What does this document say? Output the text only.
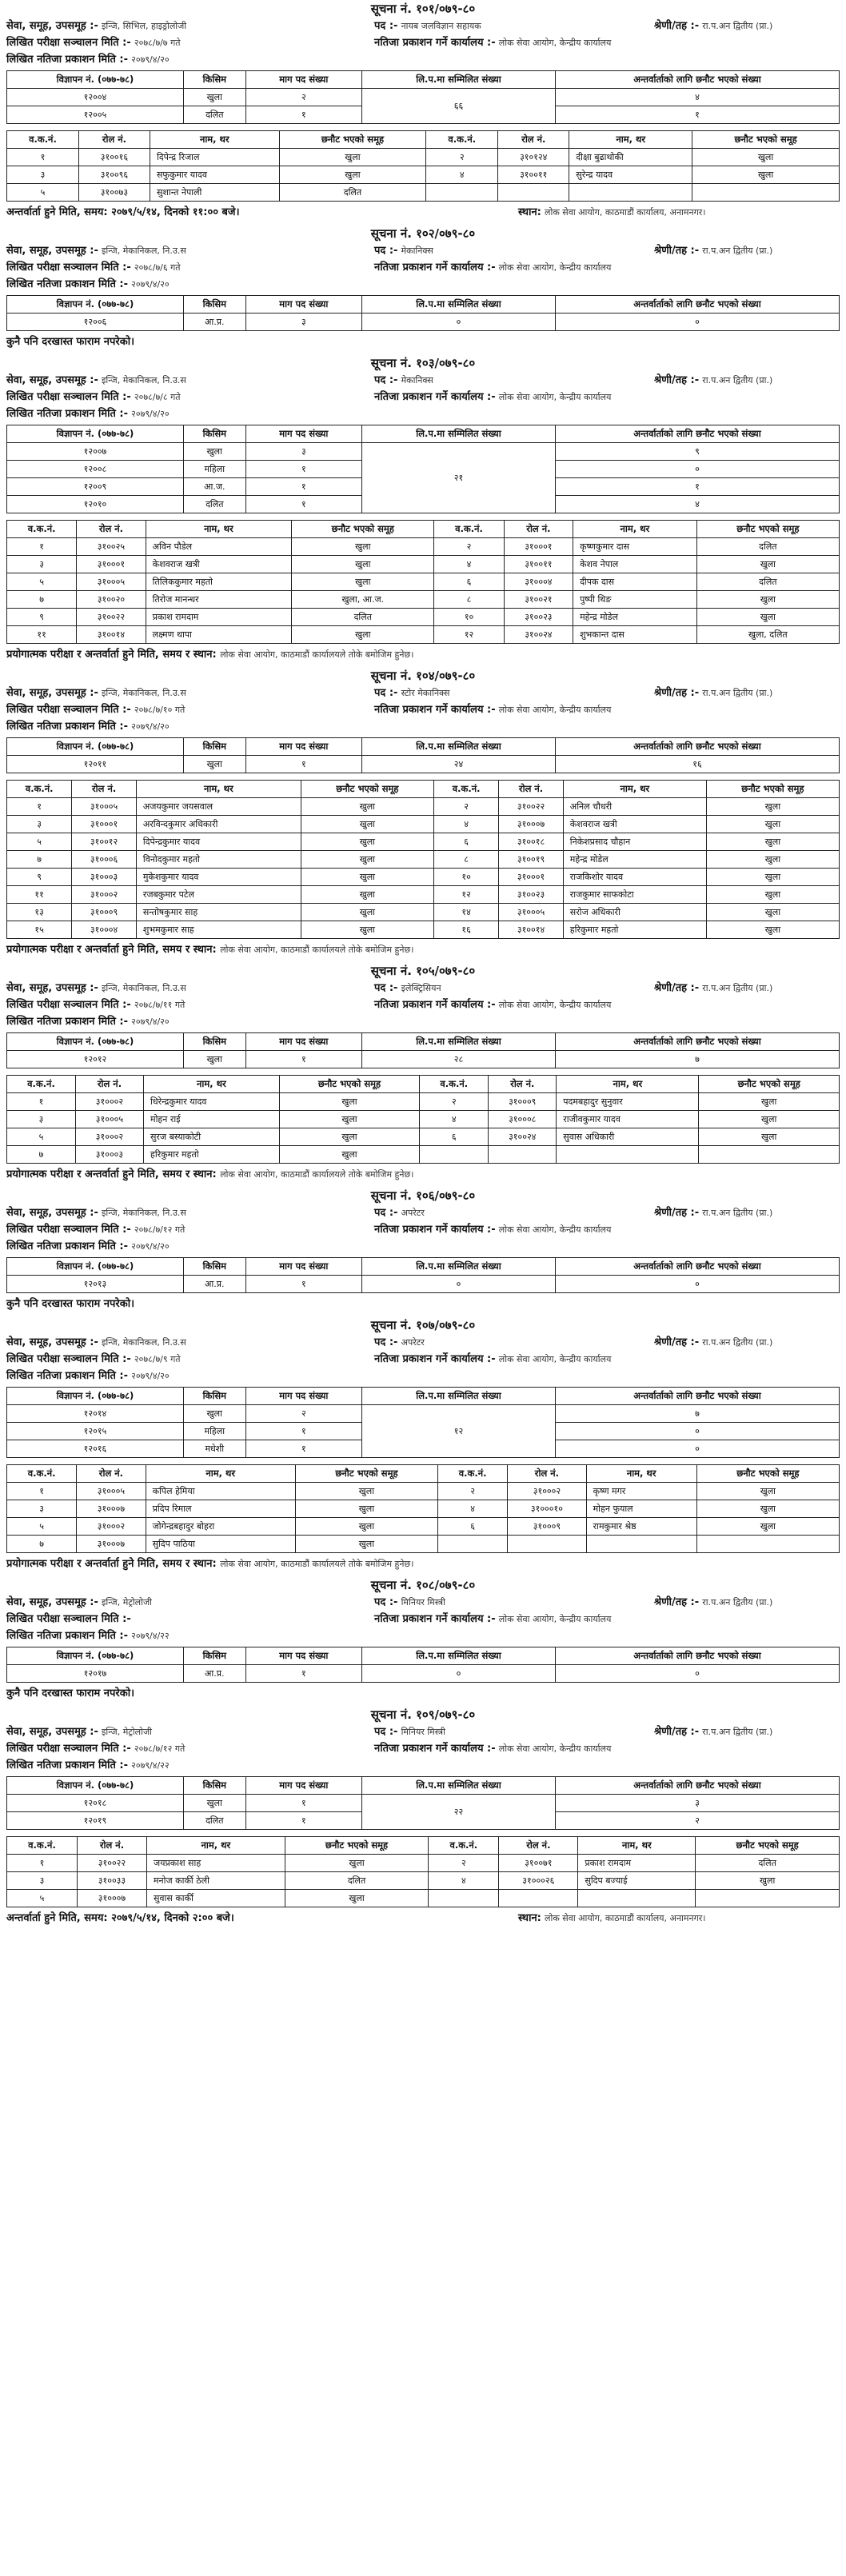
सूचना नं. १०१/०७९-८०
सेवा, समूह, उपसमूह :- इन्जि, सिभिल, हाइड्रोलोजी	पद :- नायब जलविज्ञान सहायक	श्रेणी/तह :- रा.प.अन द्वितीय (प्रा.)
लिखित परीक्षा सञ्चालन मिति :- २०७८/७/७ गते	नतिजा प्रकाशन गर्ने कार्यालय :- लोक सेवा आयोग, केन्द्रीय कार्यालय
लिखित नतिजा प्रकाशन मिति :- २०७९/४/२०
विज्ञापन नं. (०७७-७८)	किसिम	माग पद संख्या	लि.प.मा सम्मिलित संख्या	अन्तर्वार्ताको लागि छनौट भएको संख्या
१२००४	खुला	२	६६	४
१२००५	दलित	१		१
व.क.नं.	रोल नं.	नाम, थर	छनौट भएको समूह	व.क.नं.	रोल नं.	नाम, थर	छनौट भएको समूह
१	३१००१६	दिपेन्द्र रिजाल	खुला	२	३१०१२४	दीक्षा बुढाथोकी	खुला
३	३१००९६	सफुकुमार यादव	खुला	४	३१००११	सुरेन्द्र यादव	खुला
५	३१००७३	सुशान्त नेपाली	दलित				
अन्तर्वार्ता हुने मिति, समय: २०७९/५/१४, दिनको ११:०० बजे।	स्थान: लोक सेवा आयोग, काठमाडौं कार्यालय, अनामनगर।
सूचना नं. १०२/०७९-८०
सेवा, समूह, उपसमूह :- इन्जि, मेकानिकल, नि.उ.स	पद :- मेकानिक्स	श्रेणी/तह :- रा.प.अन द्वितीय (प्रा.)
लिखित परीक्षा सञ्चालन मिति :- २०७८/७/६ गते	नतिजा प्रकाशन गर्ने कार्यालय :- लोक सेवा आयोग, केन्द्रीय कार्यालय
लिखित नतिजा प्रकाशन मिति :- २०७९/४/२०
विज्ञापन नं. (०७७-७८)	किसिम	माग पद संख्या	लि.प.मा सम्मिलित संख्या	अन्तर्वार्ताको लागि छनौट भएको संख्या
१२००६	आ.प्र.	३	०	०
कुनै पनि दरखास्त फाराम नपरेको।
सूचना नं. १०३/०७९-८०
सेवा, समूह, उपसमूह :- इन्जि, मेकानिकल, नि.उ.स	पद :- मेकानिक्स	श्रेणी/तह :- रा.प.अन द्वितीय (प्रा.)
लिखित परीक्षा सञ्चालन मिति :- २०७८/७/८ गते	नतिजा प्रकाशन गर्ने कार्यालय :- लोक सेवा आयोग, केन्द्रीय कार्यालय
लिखित नतिजा प्रकाशन मिति :- २०७९/४/२०
विज्ञापन नं. (०७७-७८)	किसिम	माग पद संख्या	लि.प.मा सम्मिलित संख्या	अन्तर्वार्ताको लागि छनौट भएको संख्या
१२००७	खुला	३	२१	९
१२००८	महिला	१		०
१२००९	आ.ज.	१		१
१२०१०	दलित	१		४
व.क.नं.	रोल नं.	नाम, थर	छनौट भएको समूह	व.क.नं.	रोल नं.	नाम, थर	छनौट भएको समूह
१	३१००२५	अविन पौडेल	खुला	२	३१०००१	कृष्णकुमार दास	दलित
३	३१०००१	केशवराज खत्री	खुला	४	३१००११	केशव नेपाल	खुला
५	३१०००५	तिलिककुमार महतो	खुला	६	३१०००४	दीपक दास	दलित
७	३१००२०	तिरोज मानन्धर	खुला, आ.ज.	८	३१००२१	पुष्पी थिङ	खुला
९	३१००२२	प्रकाश रामदाम	दलित	१०	३१००२३	महेन्द्र मोडेल	खुला
११	३१००१४	लक्ष्मण थापा	खुला	१२	३१००२४	शुभकान्त दास	खुला, दलित
प्रयोगात्मक परीक्षा र अन्तर्वार्ता हुने मिति, समय र स्थान: लोक सेवा आयोग, काठमाडौं कार्यालयले तोके बमोजिम हुनेछ।
सूचना नं. १०४/०७९-८०
सेवा, समूह, उपसमूह :- इन्जि, मेकानिकल, नि.उ.स	पद :- स्टोर मेकानिक्स	श्रेणी/तह :- रा.प.अन द्वितीय (प्रा.)
लिखित परीक्षा सञ्चालन मिति :- २०७८/७/१० गते	नतिजा प्रकाशन गर्ने कार्यालय :- लोक सेवा आयोग, केन्द्रीय कार्यालय
लिखित नतिजा प्रकाशन मिति :- २०७९/४/२०
विज्ञापन नं. (०७७-७८)	किसिम	माग पद संख्या	लि.प.मा सम्मिलित संख्या	अन्तर्वार्ताको लागि छनौट भएको संख्या
१२०११	खुला	१	२४	१६
व.क.नं.	रोल नं.	नाम, थर	छनौट भएको समूह	व.क.नं.	रोल नं.	नाम, थर	छनौट भएको समूह
१	३१०००५	अजयकुमार जयसवाल	खुला	२	३१००२२	अनिल चौधरी	खुला
३	३१०००१	अरविन्दकुमार अधिकारी	खुला	४	३१०००७	केशवराज खत्री	खुला
५	३१००१२	दिपेन्द्रकुमार यादव	खुला	६	३१००१८	निकेशप्रसाद चौहान	खुला
७	३१०००६	विनोदकुमार महतो	खुला	८	३१००१९	महेन्द्र मोडेल	खुला
९	३१०००३	मुकेशकुमार यादव	खुला	१०	३१०००१	राजकिशोर यादव	खुला
११	३१०००२	रजबकुमार पटेल	खुला	१२	३१००२३	राजकुमार साफकोटा	खुला
१३	३१०००९	सन्तोषकुमार साह	खुला	१४	३१०००५	सरोज अधिकारी	खुला
१५	३१०००४	शुभमकुमार साह	खुला	१६	३१००१४	हरिकुमार महतो	खुला
प्रयोगात्मक परीक्षा र अन्तर्वार्ता हुने मिति, समय र स्थान: लोक सेवा आयोग, काठमाडौं कार्यालयले तोके बमोजिम हुनेछ।
सूचना नं. १०५/०७९-८०
सेवा, समूह, उपसमूह :- इन्जि, मेकानिकल, नि.उ.स	पद :- इलेक्ट्रिसियन	श्रेणी/तह :- रा.प.अन द्वितीय (प्रा.)
लिखित परीक्षा सञ्चालन मिति :- २०७८/७/११ गते	नतिजा प्रकाशन गर्ने कार्यालय :- लोक सेवा आयोग, केन्द्रीय कार्यालय
लिखित नतिजा प्रकाशन मिति :- २०७९/४/२०
विज्ञापन नं. (०७७-७८)	किसिम	माग पद संख्या	लि.प.मा सम्मिलित संख्या	अन्तर्वार्ताको लागि छनौट भएको संख्या
१२०१२	खुला	१	२८	७
व.क.नं.	रोल नं.	नाम, थर	छनौट भएको समूह	व.क.नं.	रोल नं.	नाम, थर	छनौट भएको समूह
१	३१०००२	धिरेन्द्रकुमार यादव	खुला	२	३१०००९	पदमबहादुर सुनुवार	खुला
३	३१०००५	मोहन राई	खुला	४	३१०००८	राजीवकुमार यादव	खुला
५	३१०००२	सुरज बस्याकोटी	खुला	६	३१००२४	सुवास अधिकारी	खुला
७	३१०००३	हरिकुमार महतो	खुला				
प्रयोगात्मक परीक्षा र अन्तर्वार्ता हुने मिति, समय र स्थान: लोक सेवा आयोग, काठमाडौं कार्यालयले तोके बमोजिम हुनेछ।
सूचना नं. १०६/०७९-८०
सेवा, समूह, उपसमूह :- इन्जि, मेकानिकल, नि.उ.स	पद :- अपरेटर	श्रेणी/तह :- रा.प.अन द्वितीय (प्रा.)
लिखित परीक्षा सञ्चालन मिति :- २०७८/७/१२ गते	नतिजा प्रकाशन गर्ने कार्यालय :- लोक सेवा आयोग, केन्द्रीय कार्यालय
लिखित नतिजा प्रकाशन मिति :- २०७९/४/२०
विज्ञापन नं. (०७७-७८)	किसिम	माग पद संख्या	लि.प.मा सम्मिलित संख्या	अन्तर्वार्ताको लागि छनौट भएको संख्या
१२०१३	आ.प्र.	१	०	०
कुनै पनि दरखास्त फाराम नपरेको।
सूचना नं. १०७/०७९-८०
सेवा, समूह, उपसमूह :- इन्जि, मेकानिकल, नि.उ.स	पद :- अपरेटर	श्रेणी/तह :- रा.प.अन द्वितीय (प्रा.)
लिखित परीक्षा सञ्चालन मिति :- २०७८/७/९ गते	नतिजा प्रकाशन गर्ने कार्यालय :- लोक सेवा आयोग, केन्द्रीय कार्यालय
लिखित नतिजा प्रकाशन मिति :- २०७९/४/२०
विज्ञापन नं. (०७७-७८)	किसिम	माग पद संख्या	लि.प.मा सम्मिलित संख्या	अन्तर्वार्ताको लागि छनौट भएको संख्या
१२०१४	खुला	२	१२	७
१२०१५	महिला	१		०
१२०१६	मधेशी	१		०
व.क.नं.	रोल नं.	नाम, थर	छनौट भएको समूह	व.क.नं.	रोल नं.	नाम, थर	छनौट भएको समूह
१	३१०००५	कपिल हेमिया	खुला	२	३१०००२	कृष्ण मगर	खुला
३	३१०००७	प्रदिप रिमाल	खुला	४	३१०००१०	मोहन फुयाल	खुला
५	३१०००२	जोगेन्द्रबहादुर बोहरा	खुला	६	३१०००९	रामकुमार श्रेष्ठ	खुला
७	३१०००७	सुदिप पाठिया	खुला				
प्रयोगात्मक परीक्षा र अन्तर्वार्ता हुने मिति, समय र स्थान: लोक सेवा आयोग, काठमाडौं कार्यालयले तोके बमोजिम हुनेछ।
सूचना नं. १०८/०७९-८०
सेवा, समूह, उपसमूह :- इन्जि, मेट्रोलोजी	पद :- मिनियर मिस्त्री	श्रेणी/तह :- रा.प.अन द्वितीय (प्रा.)
लिखित परीक्षा सञ्चालन मिति :-	नतिजा प्रकाशन गर्ने कार्यालय :- लोक सेवा आयोग, केन्द्रीय कार्यालय
लिखित नतिजा प्रकाशन मिति :- २०७९/४/२२
विज्ञापन नं. (०७७-७८)	किसिम	माग पद संख्या	लि.प.मा सम्मिलित संख्या	अन्तर्वार्ताको लागि छनौट भएको संख्या
१२०१७	आ.प्र.	१	०	०
कुनै पनि दरखास्त फाराम नपरेको।
सूचना नं. १०९/०७९-८०
सेवा, समूह, उपसमूह :- इन्जि, मेट्रोलोजी	पद :- मिनियर मिस्त्री	श्रेणी/तह :- रा.प.अन द्वितीय (प्रा.)
लिखित परीक्षा सञ्चालन मिति :- २०७८/७/१२ गते	नतिजा प्रकाशन गर्ने कार्यालय :- लोक सेवा आयोग, केन्द्रीय कार्यालय
लिखित नतिजा प्रकाशन मिति :- २०७९/४/२२
विज्ञापन नं. (०७७-७८)	किसिम	माग पद संख्या	लि.प.मा सम्मिलित संख्या	अन्तर्वार्ताको लागि छनौट भएको संख्या
१२०१८	खुला	१	२२	३
१२०१९	दलित	१		२
व.क.नं.	रोल नं.	नाम, थर	छनौट भएको समूह	व.क.नं.	रोल नं.	नाम, थर	छनौट भएको समूह
१	३१००२२	जयप्रकाश साह	खुला	२	३१००७१	प्रकाश रामदाम	दलित
३	३१००३३	मनोज कार्की ठेली	दलित	४	३१०००२६	सुदिप बज्याई	खुला
५	३१०००७	सुवास कार्की	खुला				
अन्तर्वार्ता हुने मिति, समय: २०७९/५/१४, दिनको २:०० बजे।	स्थान: लोक सेवा आयोग, काठमाडौं कार्यालय, अनामनगर।
